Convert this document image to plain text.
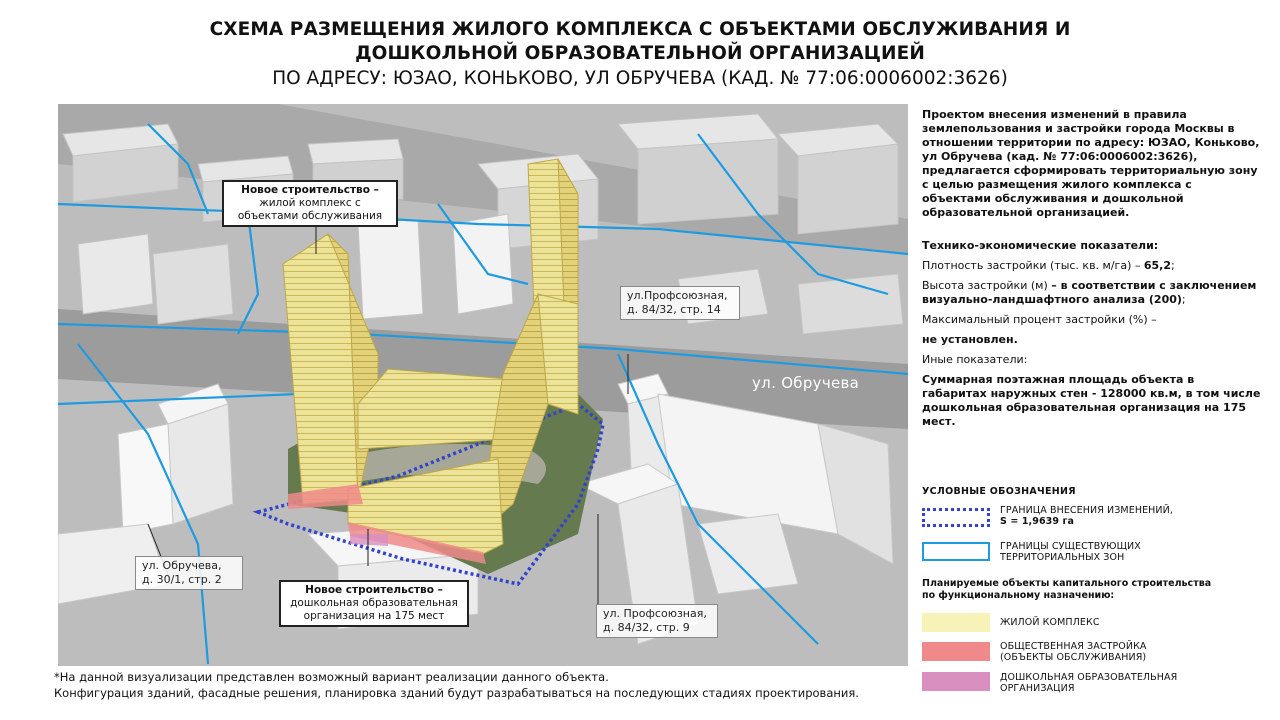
СХЕМА РАЗМЕЩЕНИЯ ЖИЛОГО КОМПЛЕКСА С ОБЪЕКТАМИ ОБСЛУЖИВАНИЯ И
ДОШКОЛЬНОЙ ОБРАЗОВАТЕЛЬНОЙ ОРГАНИЗАЦИЕЙ
ПО АДРЕСУ: ЮЗАО, КОНЬКОВО, УЛ ОБРУЧЕВА (КАД. № 77:06:0006002:3626)
ул. Обручева
Новое строительство –
жилой комплекс с объектами обслуживания
Новое строительство –
дошкольная образовательная организация на 175 мест
ул. Обручева,
д. 30/1, стр. 2
ул.Профсоюзная,
д. 84/32, стр. 14
ул. Профсоюзная,
д. 84/32, стр. 9

Проектом внесения изменений в правила землепользования и застройки города Москвы в отношении территории по адресу: ЮЗАО, Коньково, ул Обручева (кад. № 77:06:0006002:3626), предлагается сформировать территориальную зону с целью размещения жилого комплекса с объектами обслуживания и дошкольной образовательной организацией.

Технико-экономические показатели:

Плотность застройки (тыс. кв. м/га) – 65,2;

Высота застройки (м) – в соответствии с заключением визуально-ландшафтного анализа (200);

Максимальный процент застройки (%) –

не установлен.

Иные показатели:

Суммарная поэтажная площадь объекта в габаритах наружных стен - 128000 кв.м, в том числе дошкольная образовательная организация на 175 мест.

УСЛОВНЫЕ ОБОЗНАЧЕНИЯ
ГРАНИЦА ВНЕСЕНИЯ ИЗМЕНЕНИЙ,
S = 1,9639 га
ГРАНИЦЫ СУЩЕСТВУЮЩИХ
ТЕРРИТОРИАЛЬНЫХ ЗОН
Планируемые объекты капитального строительства
по функциональному назначению:
ЖИЛОЙ КОМПЛЕКС
ОБЩЕСТВЕННАЯ ЗАСТРОЙКА
(ОБЪЕКТЫ ОБСЛУЖИВАНИЯ)
ДОШКОЛЬНАЯ ОБРАЗОВАТЕЛЬНАЯ
ОРГАНИЗАЦИЯ
*На данной визуализации представлен возможный вариант реализации данного объекта.
Конфигурация зданий, фасадные решения, планировка зданий будут разрабатываться на последующих стадиях проектирования.
